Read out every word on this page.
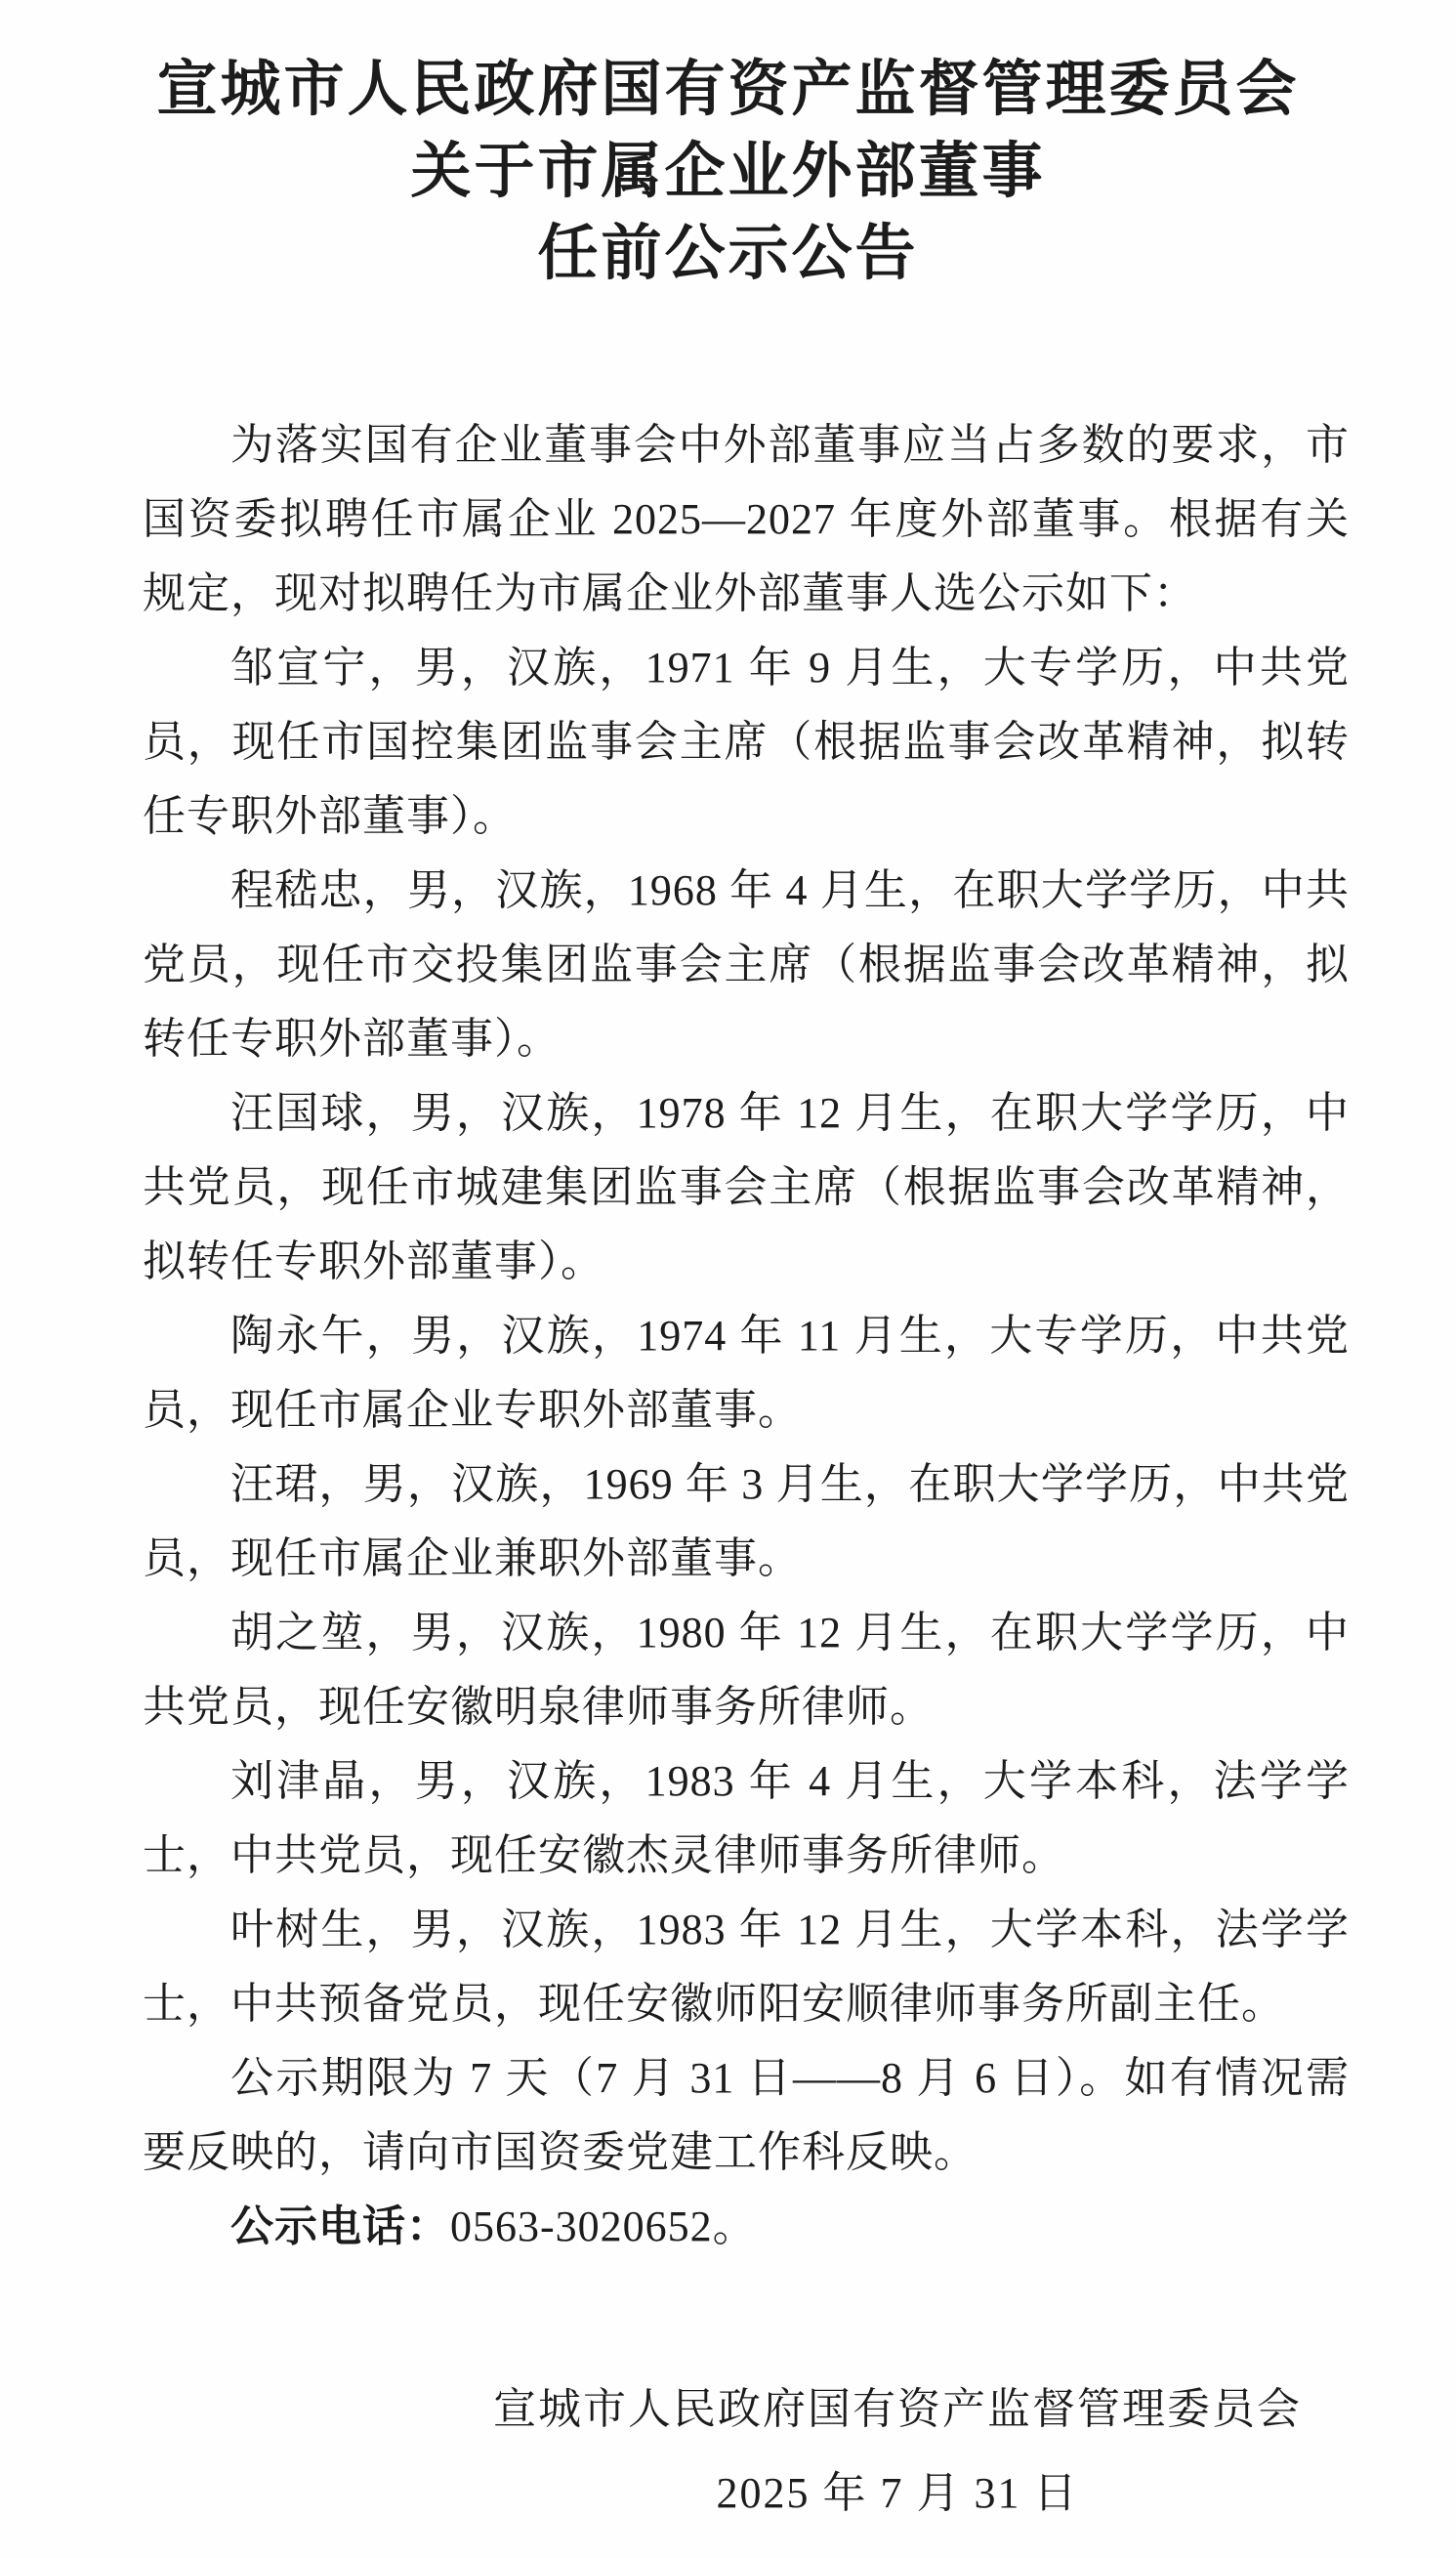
宣城市人民政府国有资产监督管理委员会
关于市属企业外部董事
任前公示公告

为落实国有企业董事会中外部董事应当占多数的要求，市国资委拟聘任市属企业 2025—2027 年度外部董事。根据有关规定，现对拟聘任为市属企业外部董事人选公示如下：

邹宣宁，男，汉族，1971 年 9 月生，大专学历，中共党员，现任市国控集团监事会主席（根据监事会改革精神，拟转任专职外部董事）。

程嵇忠，男，汉族，1968 年 4 月生，在职大学学历，中共党员，现任市交投集团监事会主席（根据监事会改革精神，拟转任专职外部董事）。

汪国球，男，汉族，1978 年 12 月生，在职大学学历，中共党员，现任市城建集团监事会主席（根据监事会改革精神，拟转任专职外部董事）。

陶永午，男，汉族，1974 年 11 月生，大专学历，中共党员，现任市属企业专职外部董事。

汪珺，男，汉族，1969 年 3 月生，在职大学学历，中共党员，现任市属企业兼职外部董事。

胡之堃，男，汉族，1980 年 12 月生，在职大学学历，中共党员，现任安徽明泉律师事务所律师。

刘津晶，男，汉族，1983 年 4 月生，大学本科，法学学士，中共党员，现任安徽杰灵律师事务所律师。

叶树生，男，汉族，1983 年 12 月生，大学本科，法学学士，中共预备党员，现任安徽师阳安顺律师事务所副主任。

公示期限为 7 天（7 月 31 日——8 月 6 日）。如有情况需要反映的，请向市国资委党建工作科反映。

公示电话：0563-3020652。

宣城市人民政府国有资产监督管理委员会
2025 年 7 月 31 日
